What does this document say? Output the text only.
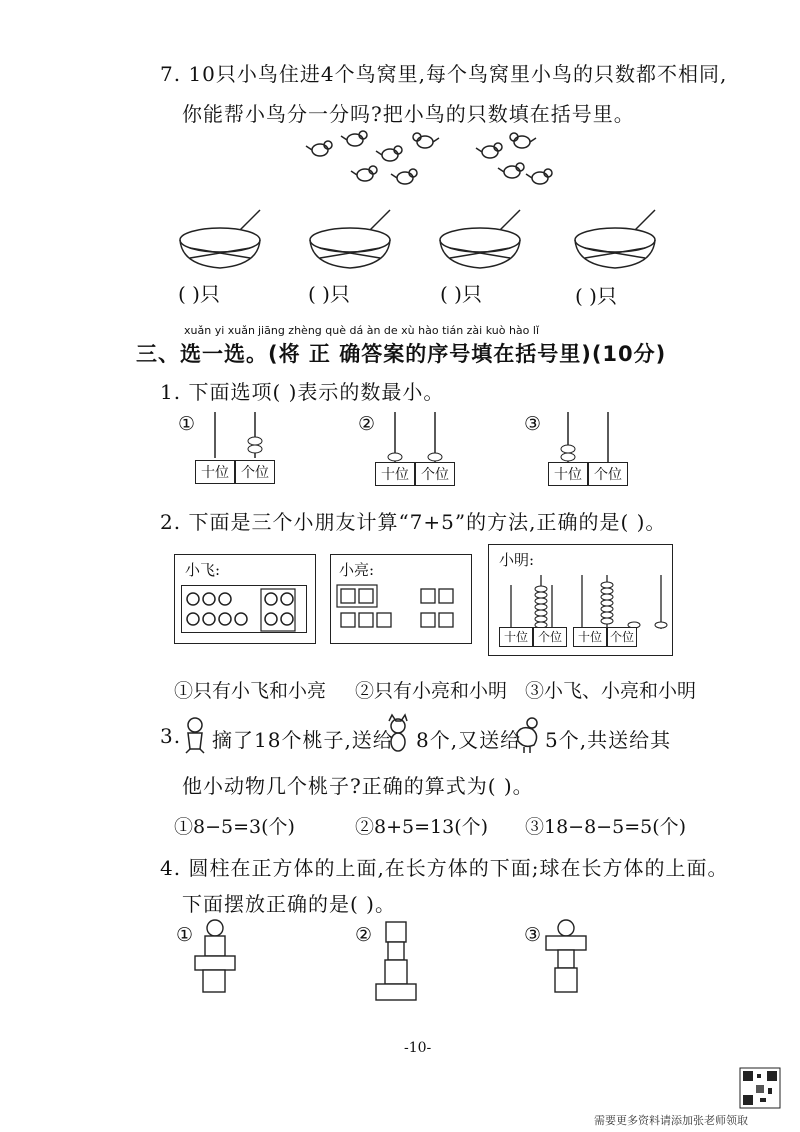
7. 10只小鸟住进4个鸟窝里,每个鸟窝里小鸟的只数都不相同,
你能帮小鸟分一分吗?把小鸟的只数填在括号里。
( )只	( )只	( )只	( )只
xuǎn yi xuǎn jiāng zhèng què dá àn de xù hào tián zài kuò hào lǐ
三、选一选。(将 正 确答案的序号填在括号里)(10分)
1. 下面选项( )表示的数最小。
①
十位 个位
②
十位 个位
③
十位 个位
2. 下面是三个小朋友计算“7+5”的方法,正确的是( )。
小飞:	小亮:
小明:
十位 个位	十位 个位
①只有小飞和小亮 ②只有小亮和小明 ③小飞、小亮和小明
3. 摘了18个桃子,送给 8个,又送给 5个,共送给其
他小动物几个桃子?正确的算式为( )。
①8−5=3(个)	②8+5=13(个) ③18−8−5=5(个)
4. 圆柱在正方体的上面,在长方体的下面;球在长方体的上面。
下面摆放正确的是( )。
①	②	③
-10-
需要更多资料请添加张老师领取
